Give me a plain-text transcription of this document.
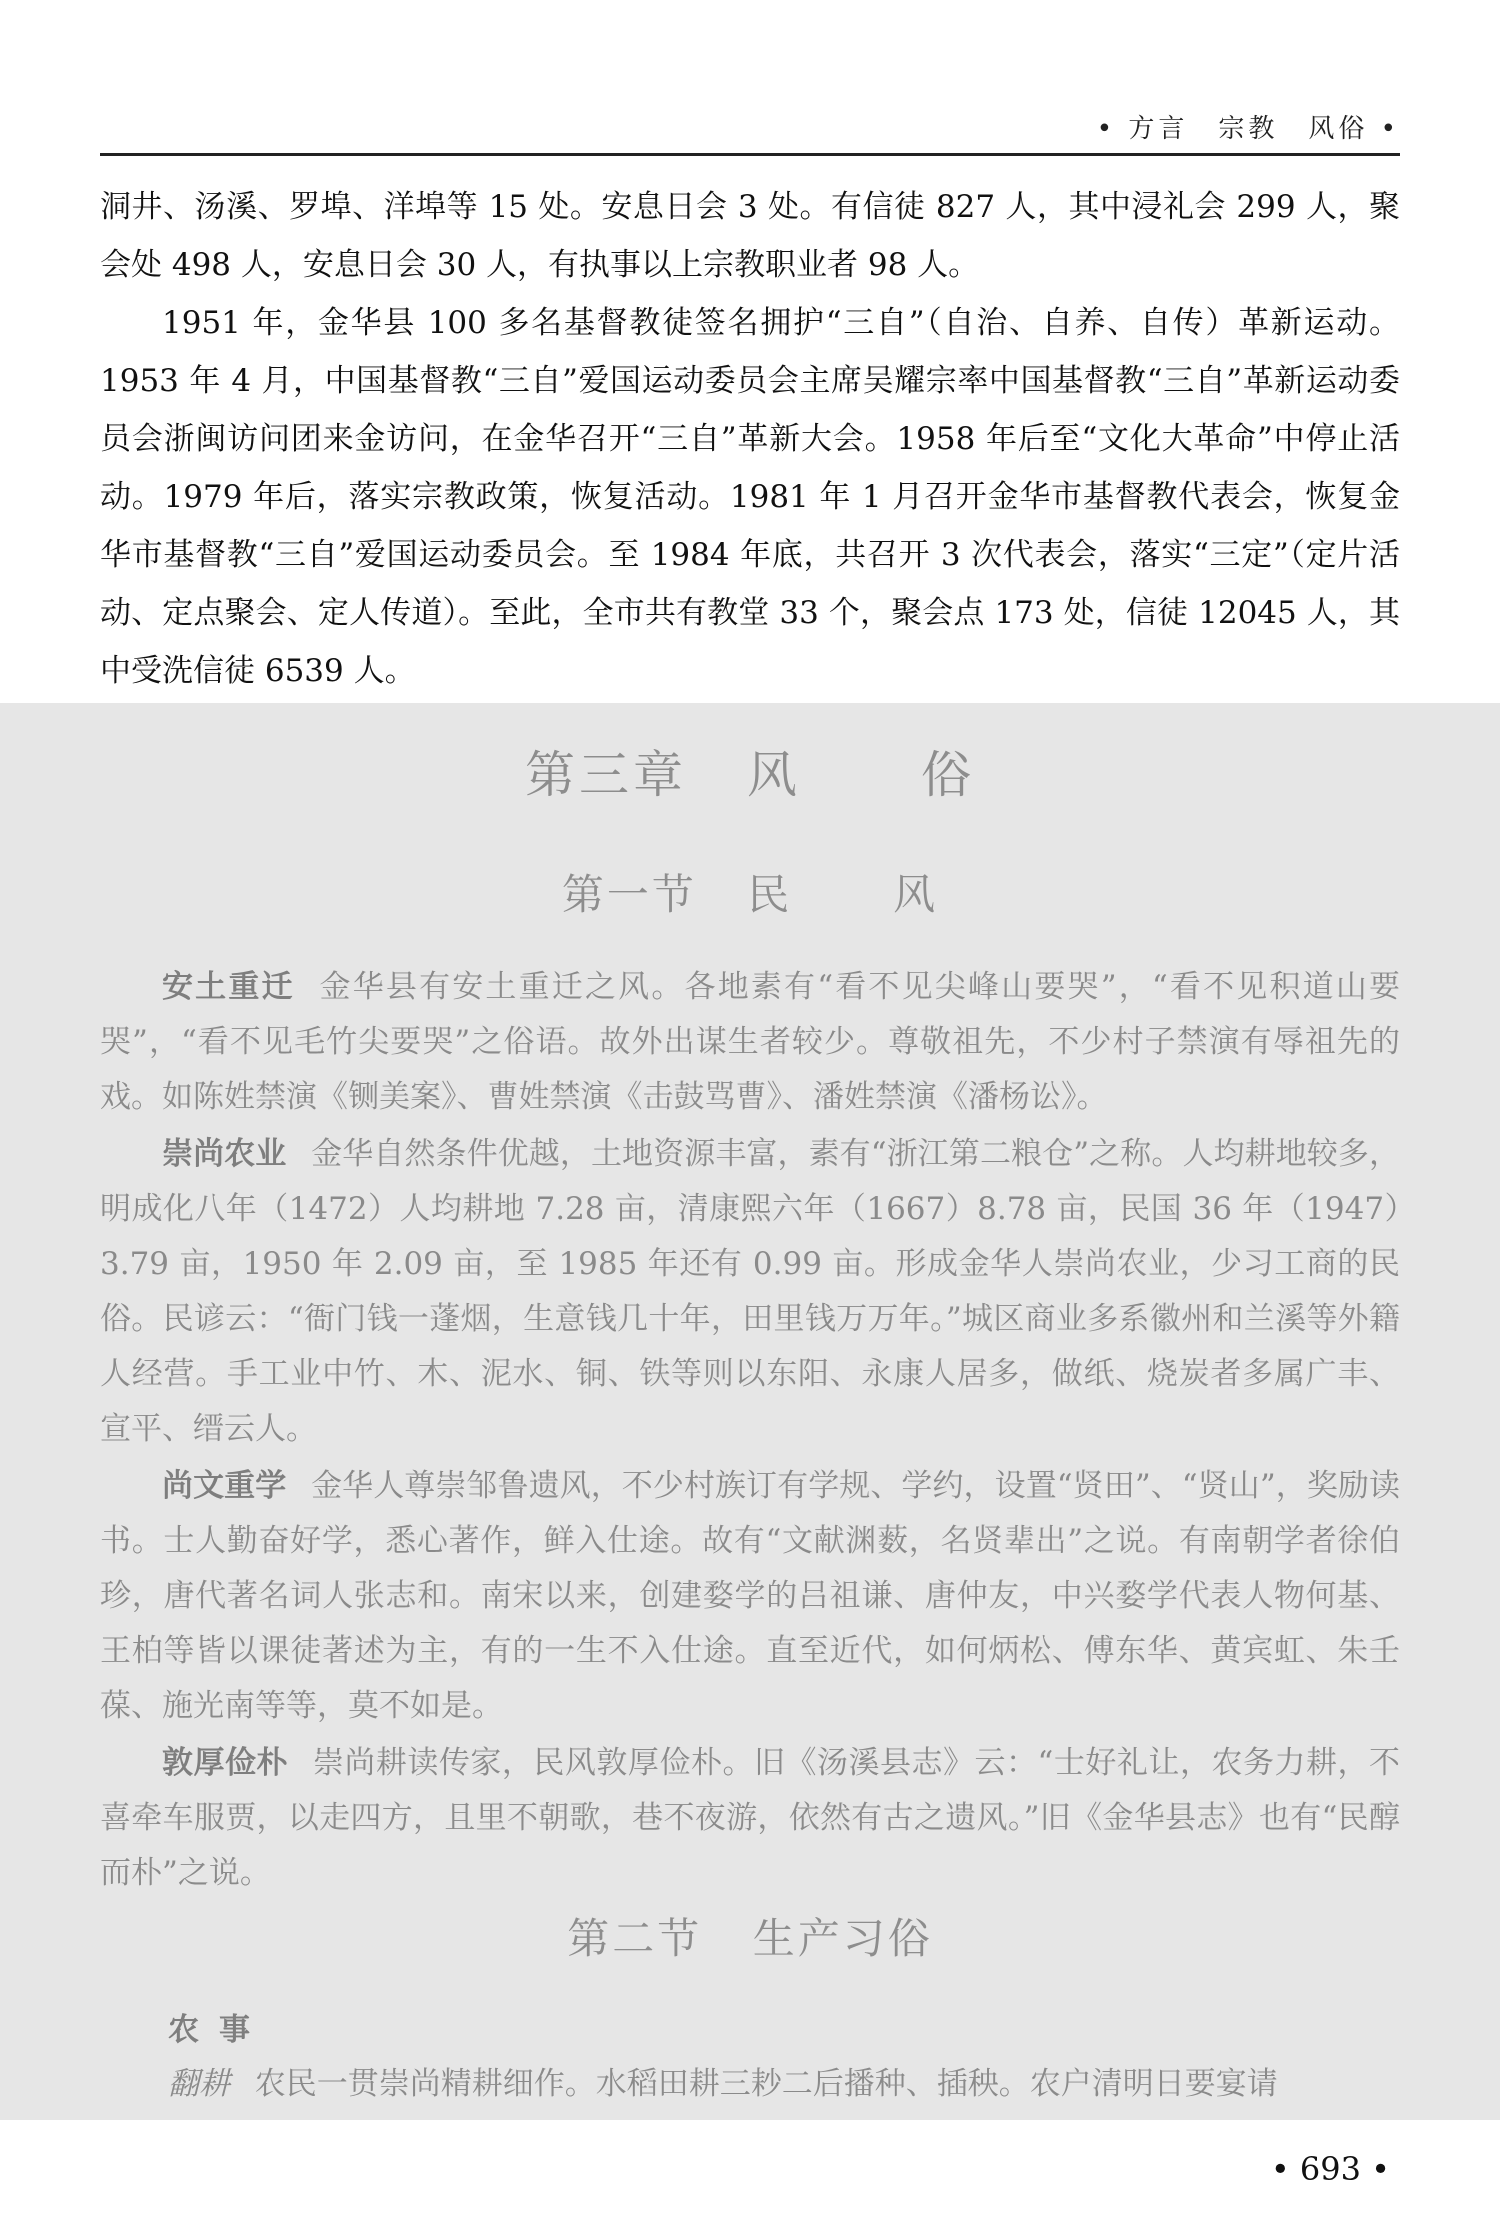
• 方言　宗教　风俗 •

洞井、汤溪、罗埠、洋埠等 15 处。安息日会 3 处。有信徒 827 人，其中浸礼会 299 人，聚会处 498 人，安息日会 30 人，有执事以上宗教职业者 98 人。

1951 年，金华县 100 多名基督教徒签名拥护“三自”（自治、自养、自传）革新运动。1953 年 4 月，中国基督教“三自”爱国运动委员会主席吴耀宗率中国基督教“三自”革新运动委员会浙闽访问团来金访问，在金华召开“三自”革新大会。1958 年后至“文化大革命”中停止活动。1979 年后，落实宗教政策，恢复活动。1981 年 1 月召开金华市基督教代表会，恢复金华市基督教“三自”爱国运动委员会。至 1984 年底，共召开 3 次代表会，落实“三定”（定片活动、定点聚会、定人传道）。至此，全市共有教堂 33 个，聚会点 173 处，信徒 12045 人，其中受洗信徒 6539 人。

第三章 风 俗
第一节 民 风

安土重迁 金华县有安土重迁之风。各地素有“看不见尖峰山要哭”，“看不见积道山要哭”，“看不见毛竹尖要哭”之俗语。故外出谋生者较少。尊敬祖先，不少村子禁演有辱祖先的戏。如陈姓禁演《铡美案》、曹姓禁演《击鼓骂曹》、潘姓禁演《潘杨讼》。

崇尚农业 金华自然条件优越，土地资源丰富，素有“浙江第二粮仓”之称。人均耕地较多，明成化八年（1472）人均耕地 7.28 亩，清康熙六年（1667）8.78 亩，民国 36 年（1947）3.79 亩，1950 年 2.09 亩，至 1985 年还有 0.99 亩。形成金华人崇尚农业，少习工商的民俗。民谚云：“衙门钱一蓬烟，生意钱几十年，田里钱万万年。”城区商业多系徽州和兰溪等外籍人经营。手工业中竹、木、泥水、铜、铁等则以东阳、永康人居多，做纸、烧炭者多属广丰、宣平、缙云人。

尚文重学 金华人尊崇邹鲁遗风，不少村族订有学规、学约，设置“贤田”、“贤山”，奖励读书。士人勤奋好学，悉心著作，鲜入仕途。故有“文献渊薮，名贤辈出”之说。有南朝学者徐伯珍，唐代著名词人张志和。南宋以来，创建婺学的吕祖谦、唐仲友，中兴婺学代表人物何基、王柏等皆以课徒著述为主，有的一生不入仕途。直至近代，如何炳松、傅东华、黄宾虹、朱壬葆、施光南等等，莫不如是。

敦厚俭朴 崇尚耕读传家，民风敦厚俭朴。旧《汤溪县志》云：“士好礼让，农务力耕，不喜牵车服贾，以走四方，且里不朝歌，巷不夜游，依然有古之遗风。”旧《金华县志》也有“民醇而朴”之说。

第二节 生产习俗
农事
翻耕 农民一贯崇尚精耕细作。水稻田耕三耖二后播种、插秧。农户清明日要宴请
• 693 •
